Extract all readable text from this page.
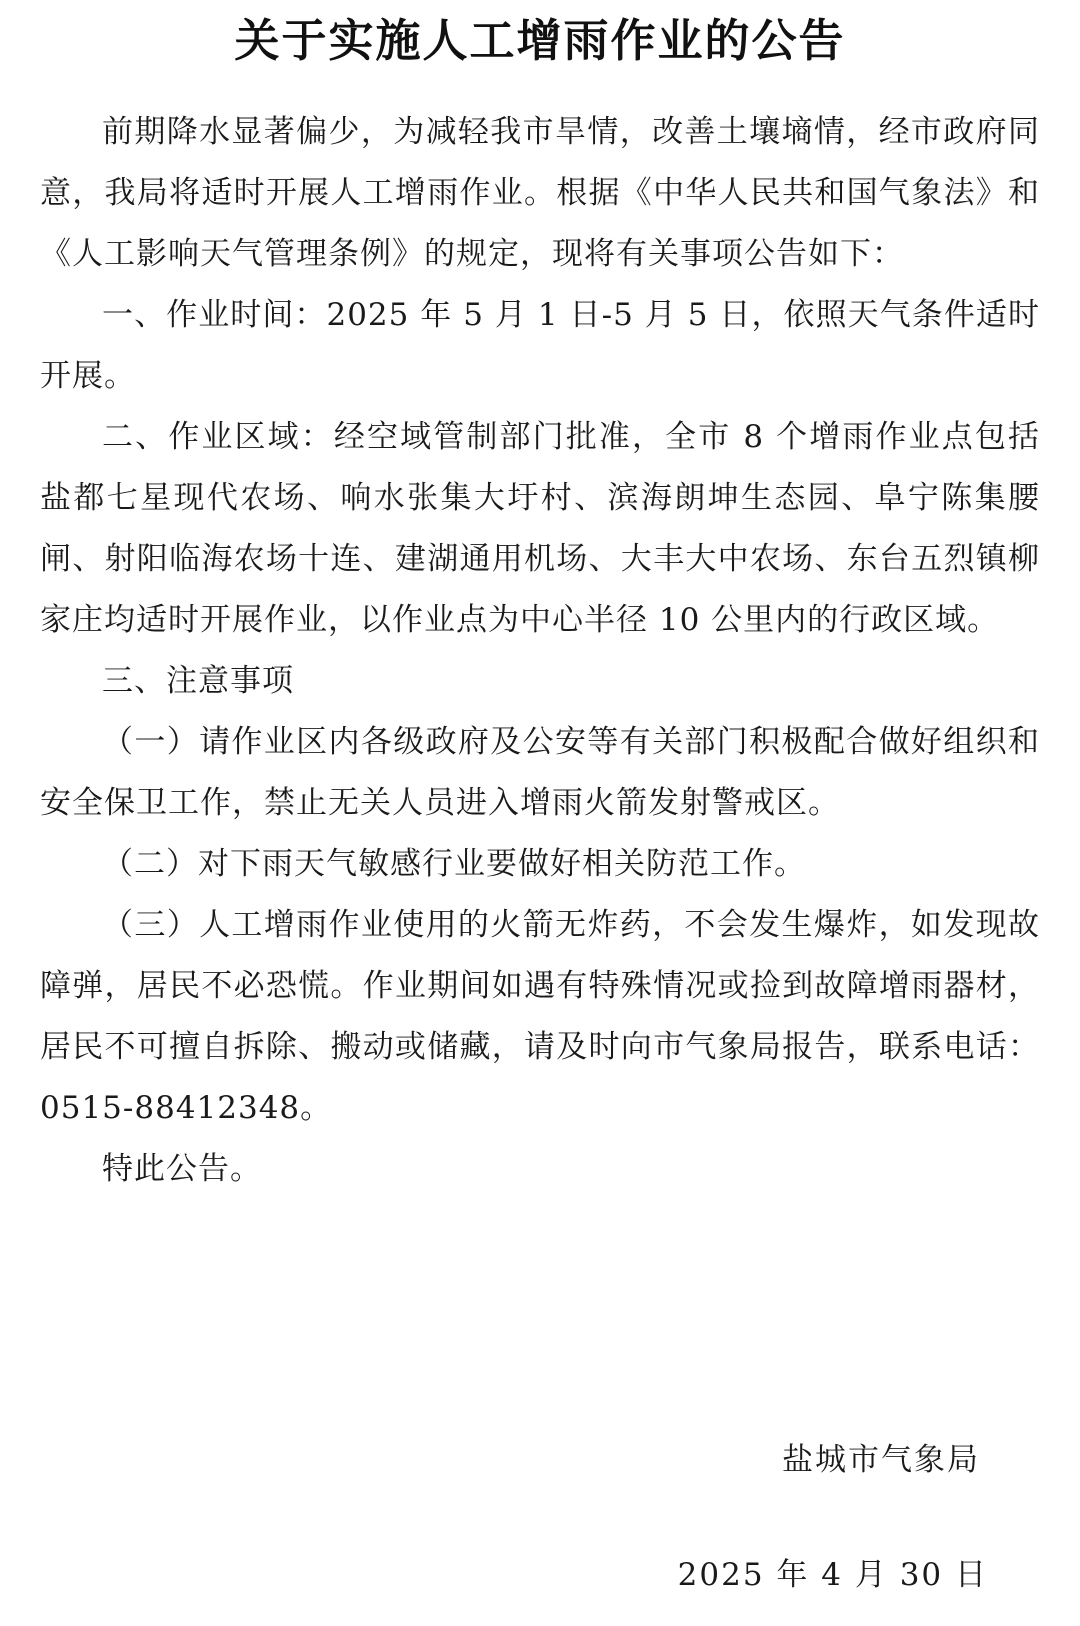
关于实施人工增雨作业的公告

前期降水显著偏少，为减轻我市旱情，改善土壤墒情，经市政府同意，我局将适时开展人工增雨作业。根据《中华人民共和国气象法》和《人工影响天气管理条例》的规定，现将有关事项公告如下：

一、作业时间：2025 年 5 月 1 日-5 月 5 日，依照天气条件适时开展。

二、作业区域：经空域管制部门批准，全市 8 个增雨作业点包括盐都七星现代农场、响水张集大圩村、滨海朗坤生态园、阜宁陈集腰闸、射阳临海农场十连、建湖通用机场、大丰大中农场、东台五烈镇柳家庄均适时开展作业，以作业点为中心半径 10 公里内的行政区域。

三、注意事项

（一）请作业区内各级政府及公安等有关部门积极配合做好组织和安全保卫工作，禁止无关人员进入增雨火箭发射警戒区。

（二）对下雨天气敏感行业要做好相关防范工作。

（三）人工增雨作业使用的火箭无炸药，不会发生爆炸，如发现故障弹，居民不必恐慌。作业期间如遇有特殊情况或捡到故障增雨器材，居民不可擅自拆除、搬动或储藏，请及时向市气象局报告，联系电话：0515-88412348。

特此公告。

盐城市气象局
2025 年 4 月 30 日
